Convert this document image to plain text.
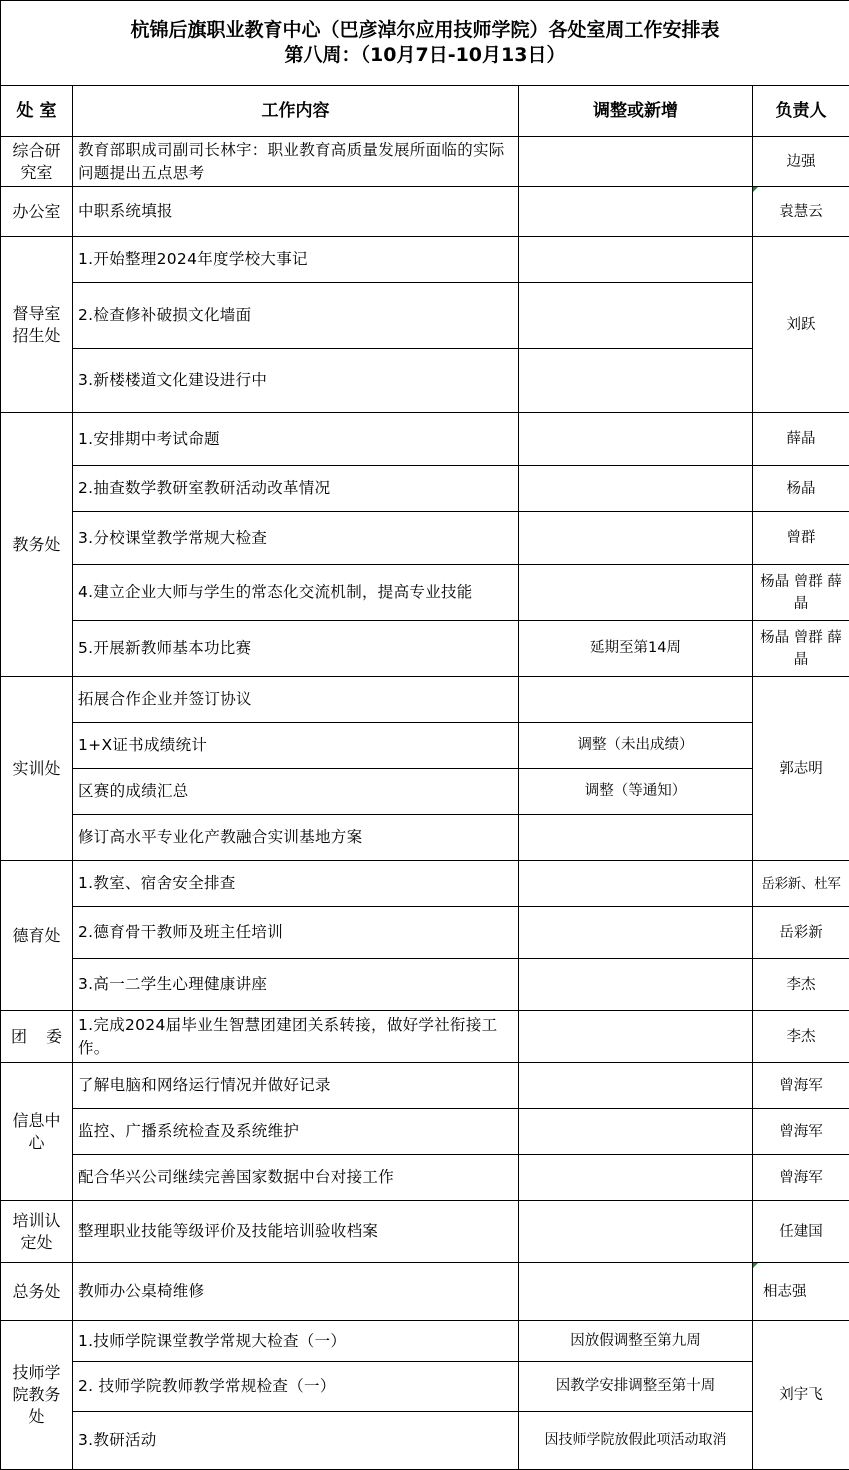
杭锦后旗职业教育中心（巴彦淖尔应用技师学院）各处室周工作安排表
第八周：（10月7日-10月13日）			

处 室	工作内容	调整或新增	负责人
综合研究室	教育部职成司副司长林宇：职业教育高质量发展所面临的实际问题提出五点思考		边强
办公室	中职系统填报		袁慧云
督导室招生处	1.开始整理2024年度学校大事记		刘跃
	2.检查修补破损文化墙面		
	3.新楼楼道文化建设进行中		
教务处	1.安排期中考试命题		薛晶
	2.抽查数学教研室教研活动改革情况		杨晶
	3.分校课堂教学常规大检查		曾群
	4.建立企业大师与学生的常态化交流机制，提高专业技能		杨晶 曾群 薛晶
	5.开展新教师基本功比赛	延期至第14周	杨晶 曾群 薛晶
实训处	拓展合作企业并签订协议		郭志明
	1+X证书成绩统计	调整（未出成绩）	
	区赛的成绩汇总	调整（等通知）	
	修订高水平专业化产教融合实训基地方案		
德育处	1.教室、宿舍安全排查		岳彩新、杜军
	2.德育骨干教师及班主任培训		岳彩新
	3.高一二学生心理健康讲座		李杰
团 委	1.完成2024届毕业生智慧团建团关系转接，做好学社衔接工作。		李杰
信息中心	了解电脑和网络运行情况并做好记录		曾海军
	监控、广播系统检查及系统维护		曾海军
	配合华兴公司继续完善国家数据中台对接工作		曾海军
培训认定处	整理职业技能等级评价及技能培训验收档案		任建国
总务处	教师办公桌椅维修		相志强
技师学院教务处	1.技师学院课堂教学常规大检查（一）	因放假调整至第九周	刘宇飞
	2. 技师学院教师教学常规检查（一）	因教学安排调整至第十周	
	3.教研活动	因技师学院放假此项活动取消	
